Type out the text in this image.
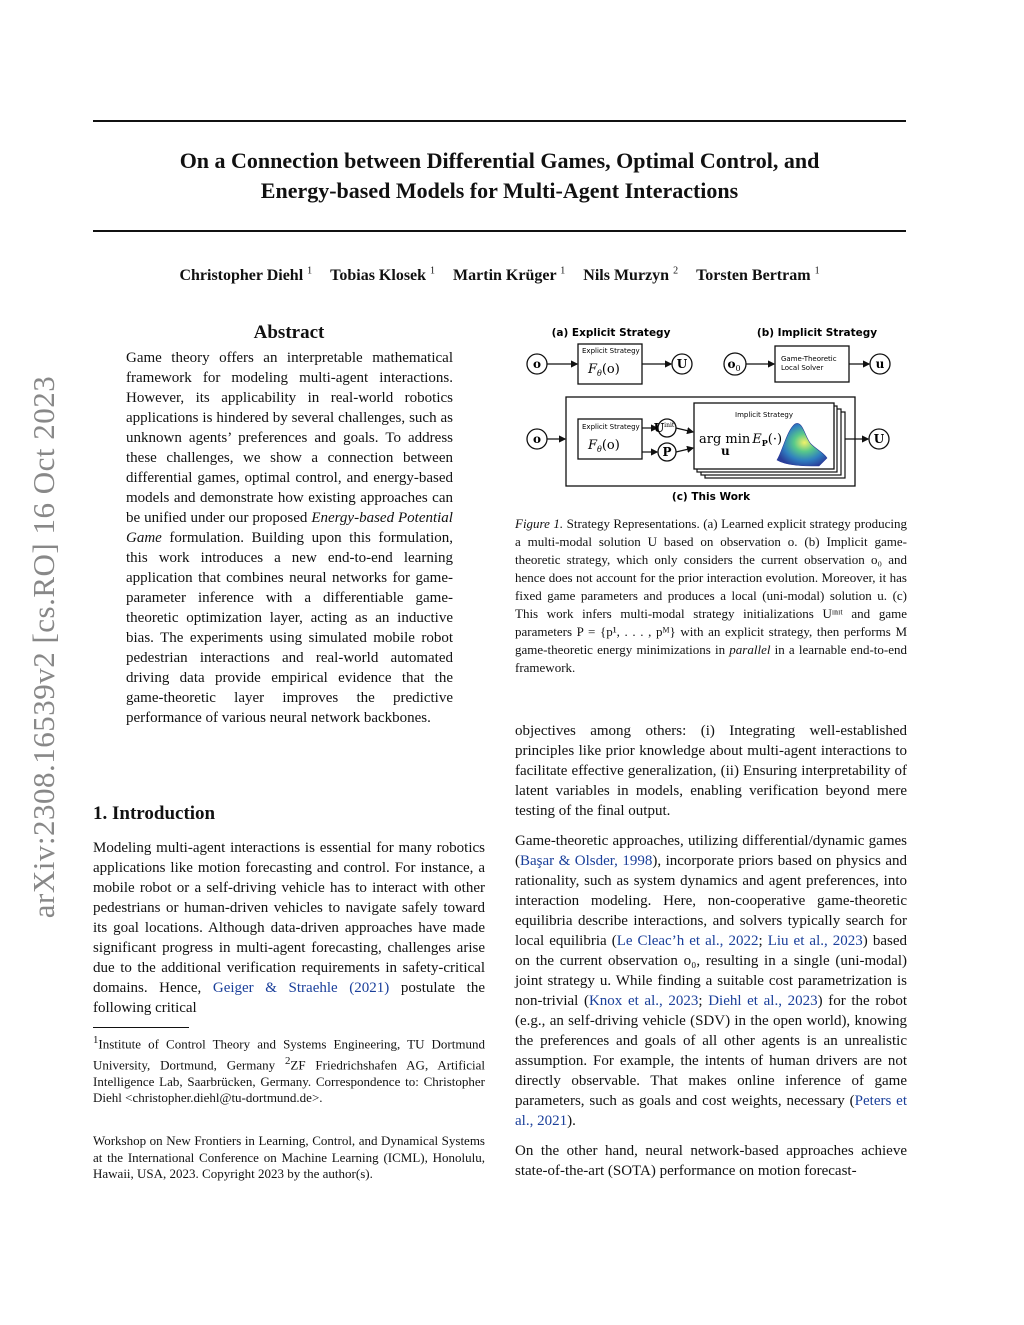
On a Connection between Differential Games, Optimal Control, and
Energy-based Models for Multi-Agent Interactions
Christopher Diehl $^1$ Tobias Klosek $^1$ Martin Krüger $^1$ Nils Murzyn $^2$ Torsten Bertram $^1$
arXiv:2308.16539v2 [cs.RO] 16 Oct 2023
Abstract
Game theory offers an interpretable mathematical framework for modeling multi-agent interactions. However, its applicability in real-world robotics applications is hindered by several challenges, such as unknown agents’ preferences and goals. To address these challenges, we show a connection between differential games, optimal control, and energy-based models and demonstrate how existing approaches can be unified under our proposed Energy-based Potential Game formulation. Building upon this formulation, this work introduces a new end-to-end learning application that combines neural networks for game-parameter inference with a differentiable game-theoretic optimization layer, acting as an inductive bias. The experiments using simulated mobile robot pedestrian interactions and real-world automated driving data provide empirical evidence that the game-theoretic layer improves the predictive performance of various neural network backbones.
1. Introduction
Modeling multi-agent interactions is essential for many robotics applications like motion forecasting and control. For instance, a mobile robot or a self-driving vehicle has to interact with other pedestrians or human-driven vehicles to navigate safely toward its goal locations. Although data-driven approaches have made significant progress in multi-agent forecasting, challenges arise due to the additional verification requirements in safety-critical domains. Hence, Geiger & Straehle (2021) postulate the following critical
$^1$Institute of Control Theory and Systems Engineering, TU Dortmund University, Dortmund, Germany $^2$ZF Friedrichshafen AG, Artificial Intelligence Lab, Saarbrücken, Germany. Correspondence to: Christopher Diehl <christopher.diehl@tu-dortmund.de>.
Workshop on New Frontiers in Learning, Control, and Dynamical Systems at the International Conference on Machine Learning (ICML), Honolulu, Hawaii, USA, 2023. Copyright 2023 by the author(s).
(a) Explicit Strategy
o
Explicit Strategy
$F_\theta(o)$	U
(b) Implicit Strategy
$o_0$
Game-Theoretic
Local Solver	u
o
Explicit Strategy
$F_\theta(o)$
$U^{init}$
P
Implicit Strategy
arg $\min E_P(\cdot)$
u
U
(c) This Work
Figure 1. Strategy Representations. (a) Learned explicit strategy producing a multi-modal solution U based on observation o. (b) Implicit game-theoretic strategy, which only considers the current observation o₀ and hence does not account for the prior interaction evolution. Moreover, it has fixed game parameters and produces a local (uni-modal) solution u. (c) This work infers multi-modal strategy initializations Uᶦⁿᶦᵗ and game parameters P = {p¹, . . . , pᴹ} with an explicit strategy, then performs M game-theoretic energy minimizations in parallel in a learnable end-to-end framework.

objectives among others: (i) Integrating well-established principles like prior knowledge about multi-agent interactions to facilitate effective generalization, (ii) Ensuring interpretability of latent variables in models, enabling verification beyond mere testing of the final output.

Game-theoretic approaches, utilizing differential/dynamic games (Başar & Olsder, 1998), incorporate priors based on physics and rationality, such as system dynamics and agent preferences, into interaction modeling. Here, non-cooperative game-theoretic equilibria describe interactions, and solvers typically search for local equilibria (Le Cleac’h et al., 2022; Liu et al., 2023) based on the current observation o₀, resulting in a single (uni-modal) joint strategy u. While finding a suitable cost parametrization is non-trivial (Knox et al., 2023; Diehl et al., 2023) for the robot (e.g., an self-driving vehicle (SDV) in the open world), knowing the preferences and goals of all other agents is an unrealistic assumption. For example, the intents of human drivers are not directly observable. That makes online inference of game parameters, such as goals and cost weights, necessary (Peters et al., 2021).

On the other hand, neural network-based approaches achieve state-of-the-art (SOTA) performance on motion forecast-
